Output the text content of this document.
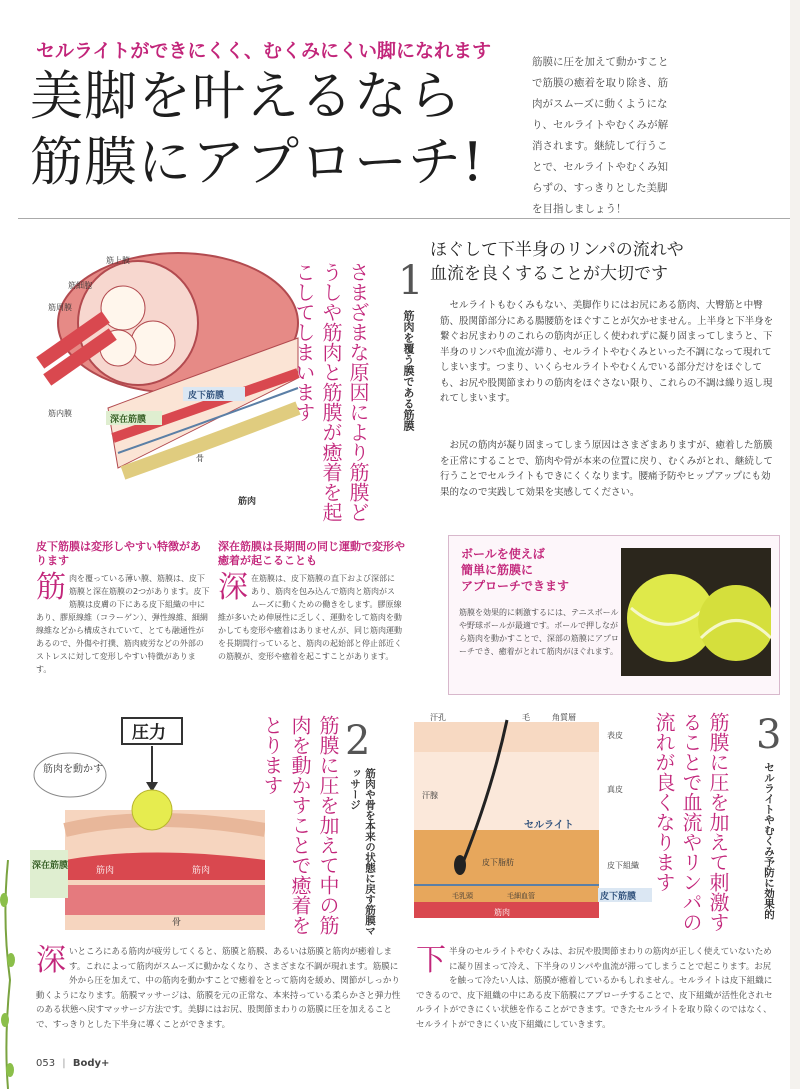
セルライトができにくく、むくみにくい脚になれます
美脚を叶えるなら
筋膜にアプローチ!
筋膜に圧を加えて動かすことで筋膜の癒着を取り除き、筋肉がスムーズに動くようになり、セルライトやむくみが解消されます。継続して行うことで、セルライトやむくみ知らずの、すっきりとした美脚を目指しましょう！
筋上膜
筋細胞
筋周膜
筋内膜
皮下筋膜
深在筋膜
骨
筋肉	さまざまな原因により筋膜どうしや筋肉と筋膜が癒着を起こしてしまいます	1
筋肉を覆う膜である筋膜
ほぐして下半身のリンパの流れや
血流を良くすることが大切です
セルライトもむくみもない、美脚作りにはお尻にある筋肉、大臀筋と中臀筋、股関節部分にある腸腰筋をほぐすことが欠かせません。上半身と下半身を繋ぐお尻まわりのこれらの筋肉が正しく使われずに凝り固まってしまうと、下半身のリンパや血流が滞り、セルライトやむくみといった不調になって現れてしまいます。つまり、いくらセルライトやむくんでいる部分だけをほぐしても、お尻や股関節まわりの筋肉をほぐさない限り、これらの不調は繰り返し現れてしまいます。
お尻の筋肉が凝り固まってしまう原因はさまざまありますが、癒着した筋膜を正常にすることで、筋肉や骨が本来の位置に戻り、むくみがとれ、継続して行うことでセルライトもできにくくなります。腰痛予防やヒップアップにも効果的なので実践して効果を実感してください。
皮下筋膜は変形しやすい特徴があります
筋肉を覆っている薄い膜、筋膜は、皮下筋膜と深在筋膜の2つがあります。皮下筋膜は皮膚の下にある皮下組織の中にあり、膠原線維（コラーゲン）、弾性線維、細網線維などから構成されていて、とても融通性があるので、外傷や打撲、筋肉疲労などの外部のストレスに対して変形しやすい特徴があります。
深在筋膜は長期間の同じ運動で変形や癒着が起こることも
深在筋膜は、皮下筋膜の直下および深部にあり、筋肉を包み込んで筋肉と筋肉がスムーズに動くための働きをします。膠原線維が多いため伸展性に乏しく、運動をして筋肉を動かしても変形や癒着はありませんが、同じ筋肉運動を長期間行っていると、筋肉の起始部と停止部近くの筋膜が、変形や癒着を起こすことがあります。
ボールを使えば
簡単に筋膜に
アプローチできます
筋膜を効果的に刺激するには、テニスボールや野球ボールが最適です。ボールで押しながら筋肉を動かすことで、深部の筋膜にアプローチでき、癒着がとれて筋肉がほぐれます。
圧力
筋肉を動かす
深在筋膜	筋肉	筋肉
骨	筋膜に圧を加えて中の筋肉を動かすことで癒着をとります	2
筋肉や骨を本来の状態に戻す筋膜マッサージ
深いところにある筋肉が疲労してくると、筋膜と筋膜、あるいは筋膜と筋肉が癒着します。これによって筋肉がスムーズに動かなくなり、さまざまな不調が現れます。筋膜に外から圧を加えて、中の筋肉を動かすことで癒着をとって筋肉を緩め、関節がしっかり動くようになります。筋膜マッサージは、筋膜を元の正常な、本来持っている柔らかさと弾力性のある状態へ戻すマッサージ方法です。美脚にはお尻、股関節まわりの筋膜に圧を加えることで、すっきりとした下半身に導くことができます。
汗孔	毛	角質層
表皮
真皮
汗腺
セルライト
皮下脂肪
毛乳頭	毛細血管
皮下組織
皮下筋膜
筋肉	筋膜に圧を加えて刺激することで血流やリンパの流れが良くなります	3
セルライトやむくみ予防に効果的
下半身のセルライトやむくみは、お尻や股関節まわりの筋肉が正しく使えていないために凝り固まって冷え、下半身のリンパや血流が滞ってしまうことで起こります。お尻を触って冷たい人は、筋膜が癒着しているかもしれません。セルライトは皮下組織にできるので、皮下組織の中にある皮下筋膜にアプローチすることで、皮下組織が活性化されセルライトができにくい状態を作ることができます。できたセルライトを取り除くのではなく、セルライトができにくい皮下組織にしていきます。
053 | Body+
